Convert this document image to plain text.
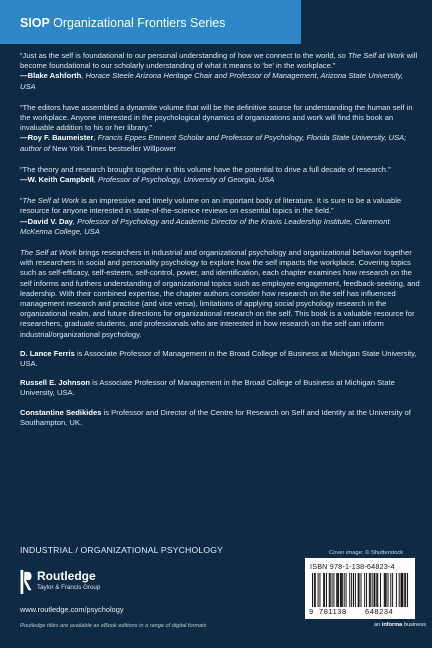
SIOP Organizational Frontiers Series

“Just as the self is foundational to our personal understanding of how we connect to the world, so The Self at Work will become foundational to our scholarly understanding of what it means to ‘be’ in the workplace.”

—Blake Ashforth, Horace Steele Arizona Heritage Chair and Professor of Management, Arizona State University, USA

“The editors have assembled a dynamite volume that will be the definitive source for understanding the human self in the workplace. Anyone interested in the psychological dynamics of organizations and work will find this book an invaluable addition to his or her library.”

—Roy F. Baumeister, Francis Eppes Eminent Scholar and Professor of Psychology, Florida State University, USA; author of New York Times bestseller Willpower

“The theory and research brought together in this volume have the potential to drive a full decade of research.”

—W. Keith Campbell, Professor of Psychology, University of Georgia, USA

“The Self at Work is an impressive and timely volume on an important body of literature. It is sure to be a valuable resource for anyone interested in state-of-the-science reviews on essential topics in the field.”

—David V. Day, Professor of Psychology and Academic Director of the Kravis Leadership Institute, Claremont McKenna College, USA

The Self at Work brings researchers in industrial and organizational psychology and organizational behavior together with researchers in social and personality psychology to explore how the self impacts the workplace. Covering topics such as self-efficacy, self-esteem, self-control, power, and identification, each chapter examines how research on the self informs and furthers understanding of organizational topics such as employee engagement, feedback-seeking, and leadership. With their combined expertise, the chapter authors consider how research on the self has influenced management research and practice (and vice versa), limitations of applying social psychology research in the organizational realm, and future directions for organizational research on the self. This book is a valuable resource for researchers, graduate students, and professionals who are interested in how research on the self can inform industrial/organizational psychology.

D. Lance Ferris is Associate Professor of Management in the Broad College of Business at Michigan State University, USA.

Russell E. Johnson is Associate Professor of Management in the Broad College of Business at Michigan State University, USA.

Constantine Sedikides is Professor and Director of the Centre for Research on Self and Identity at the University of Southampton, UK.

INDUSTRIAL / ORGANIZATIONAL PSYCHOLOGY	Cover image: © Shutterstock
Routledge
Taylor & Francis Group
www.routledge.com/psychology
Routledge titles are available as eBook editions in a range of digital formats
ISBN 978-1-138-64823-4
9 781138 648234
an informa business
